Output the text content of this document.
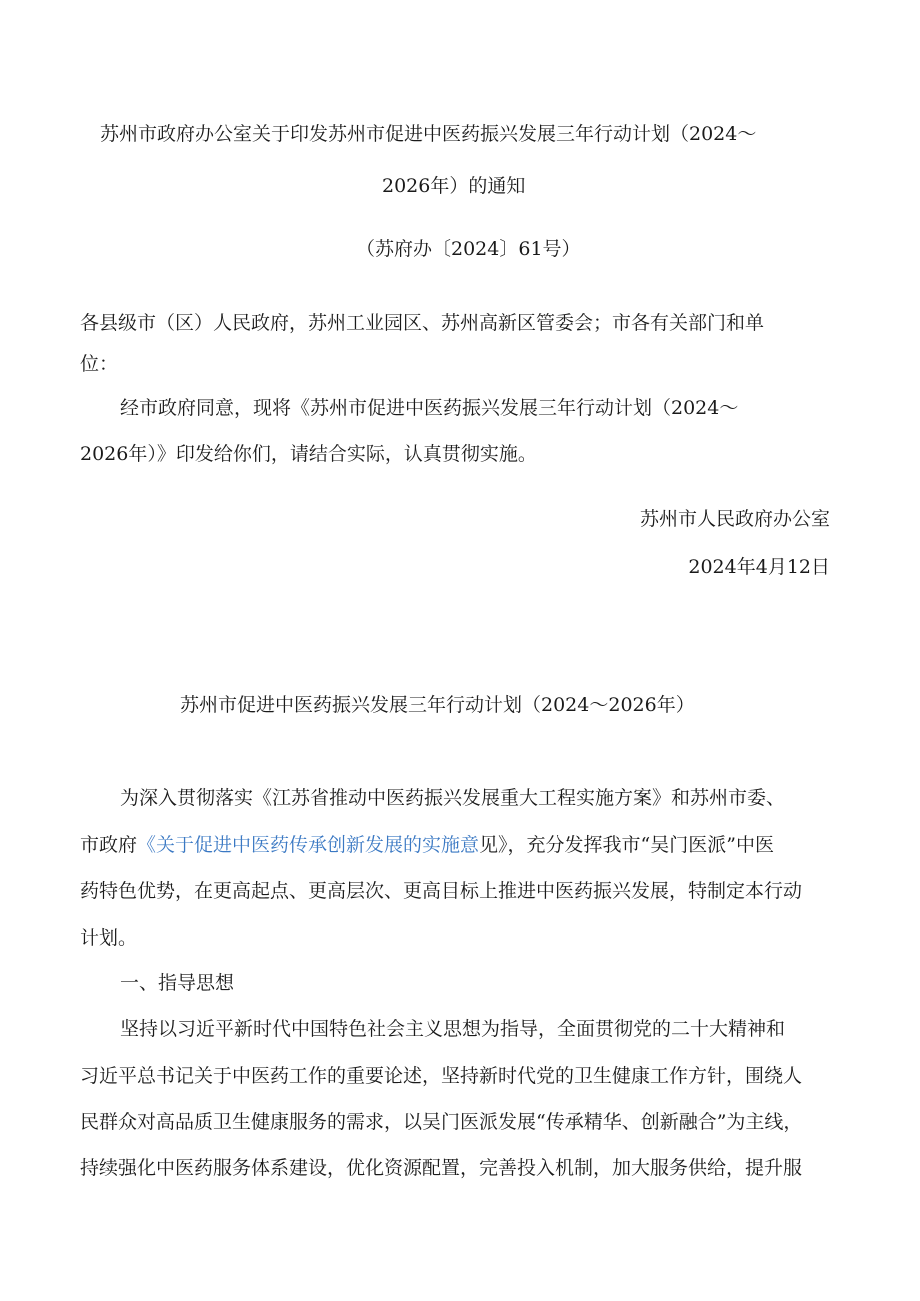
苏州市政府办公室关于印发苏州市促进中医药振兴发展三年行动计划（2024～
2026年）的通知
（苏府办〔2024〕61号）
各县级市（区）人民政府，苏州工业园区、苏州高新区管委会；市各有关部门和单
位：
经市政府同意，现将《苏州市促进中医药振兴发展三年行动计划（2024～
2026年）》印发给你们，请结合实际，认真贯彻实施。
苏州市人民政府办公室
2024年4月12日
苏州市促进中医药振兴发展三年行动计划（2024～2026年）
为深入贯彻落实《江苏省推动中医药振兴发展重大工程实施方案》和苏州市委、
市政府《关于促进中医药传承创新发展的实施意见》，充分发挥我市“吴门医派”中医
药特色优势，在更高起点、更高层次、更高目标上推进中医药振兴发展，特制定本行动
计划。
一、指导思想
坚持以习近平新时代中国特色社会主义思想为指导，全面贯彻党的二十大精神和
习近平总书记关于中医药工作的重要论述，坚持新时代党的卫生健康工作方针，围绕人
民群众对高品质卫生健康服务的需求，以吴门医派发展“传承精华、创新融合”为主线，
持续强化中医药服务体系建设，优化资源配置，完善投入机制，加大服务供给，提升服
